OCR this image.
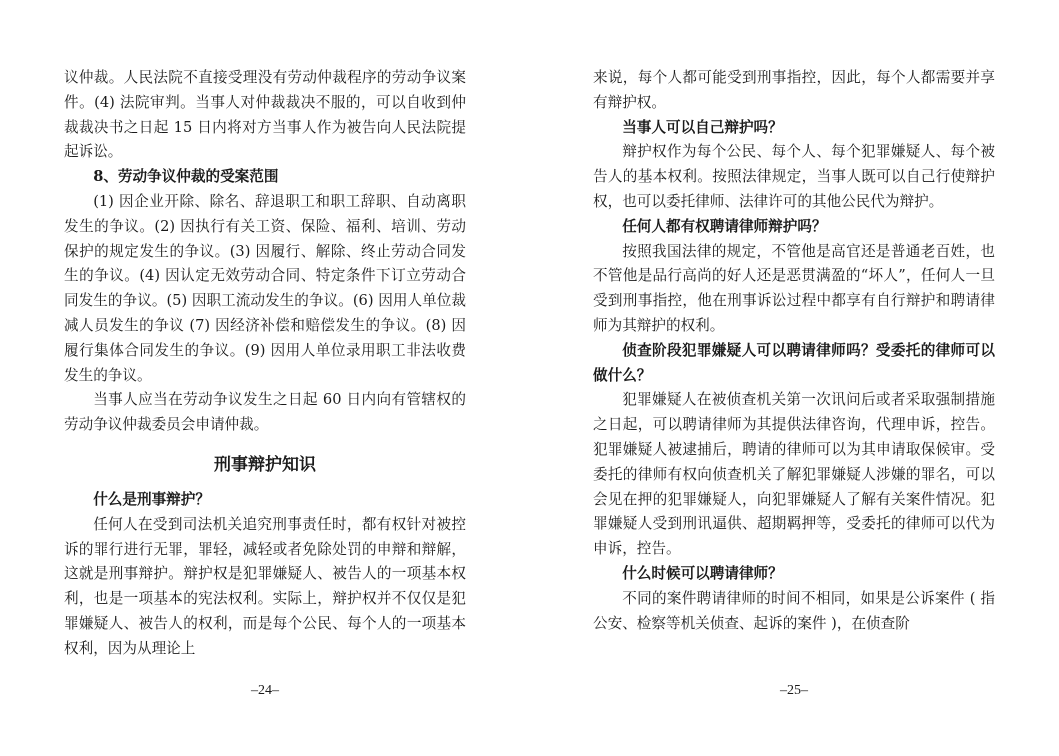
议仲裁。人民法院不直接受理没有劳动仲裁程序的劳动争议案件。(4) 法院审判。当事人对仲裁裁决不服的，可以自收到仲裁裁决书之日起 15 日内将对方当事人作为被告向人民法院提起诉讼。

8、劳动争议仲裁的受案范围

(1) 因企业开除、除名、辞退职工和职工辞职、自动离职发生的争议。(2) 因执行有关工资、保险、福利、培训、劳动保护的规定发生的争议。(3) 因履行、解除、终止劳动合同发生的争议。(4) 因认定无效劳动合同、特定条件下订立劳动合同发生的争议。(5) 因职工流动发生的争议。(6) 因用人单位裁减人员发生的争议 (7) 因经济补偿和赔偿发生的争议。(8) 因履行集体合同发生的争议。(9) 因用人单位录用职工非法收费发生的争议。

当事人应当在劳动争议发生之日起 60 日内向有管辖权的劳动争议仲裁委员会申请仲裁。

刑事辩护知识

什么是刑事辩护？

任何人在受到司法机关追究刑事责任时，都有权针对被控诉的罪行进行无罪，罪轻，减轻或者免除处罚的申辩和辩解，这就是刑事辩护。辩护权是犯罪嫌疑人、被告人的一项基本权利，也是一项基本的宪法权利。实际上，辩护权并不仅仅是犯罪嫌疑人、被告人的权利，而是每个公民、每个人的一项基本权利，因为从理论上

–24–

来说，每个人都可能受到刑事指控，因此，每个人都需要并享有辩护权。

当事人可以自己辩护吗？

辩护权作为每个公民、每个人、每个犯罪嫌疑人、每个被告人的基本权利。按照法律规定，当事人既可以自己行使辩护权，也可以委托律师、法律许可的其他公民代为辩护。

任何人都有权聘请律师辩护吗？

按照我国法律的规定，不管他是高官还是普通老百姓，也不管他是品行高尚的好人还是恶贯满盈的“坏人”，任何人一旦受到刑事指控，他在刑事诉讼过程中都享有自行辩护和聘请律师为其辩护的权利。

侦查阶段犯罪嫌疑人可以聘请律师吗？受委托的律师可以做什么？

犯罪嫌疑人在被侦查机关第一次讯问后或者采取强制措施之日起，可以聘请律师为其提供法律咨询，代理申诉，控告。犯罪嫌疑人被逮捕后，聘请的律师可以为其申请取保候审。受委托的律师有权向侦查机关了解犯罪嫌疑人涉嫌的罪名，可以会见在押的犯罪嫌疑人，向犯罪嫌疑人了解有关案件情况。犯罪嫌疑人受到刑讯逼供、超期羁押等，受委托的律师可以代为申诉，控告。

什么时候可以聘请律师？

不同的案件聘请律师的时间不相同，如果是公诉案件 ( 指公安、检察等机关侦查、起诉的案件 )，在侦查阶

–25–
